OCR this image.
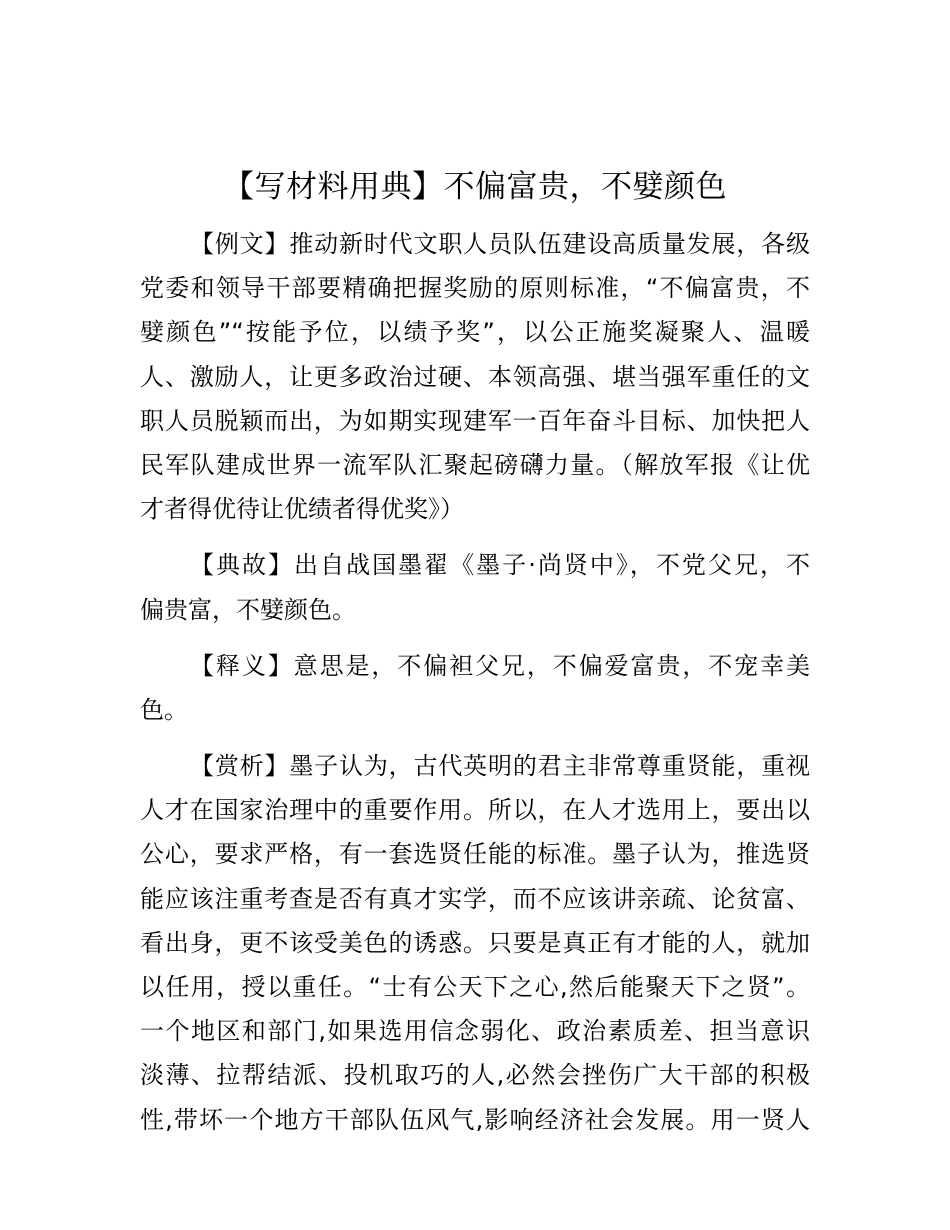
【写材料用典】不偏富贵，不嬖颜色
【例文】推动新时代文职人员队伍建设高质量发展，各级
党委和领导干部要精确把握奖励的原则标准，“不偏富贵，不
嬖颜色”“按能予位，以绩予奖”，以公正施奖凝聚人、温暖
人、激励人，让更多政治过硬、本领高强、堪当强军重任的文
职人员脱颖而出，为如期实现建军一百年奋斗目标、加快把人
民军队建成世界一流军队汇聚起磅礴力量。（解放军报《让优
才者得优待让优绩者得优奖》）
【典故】出自战国墨翟《墨子·尚贤中》，不党父兄，不
偏贵富，不嬖颜色。
【释义】意思是，不偏袒父兄，不偏爱富贵，不宠幸美
色。
【赏析】墨子认为，古代英明的君主非常尊重贤能，重视
人才在国家治理中的重要作用。所以，在人才选用上，要出以
公心，要求严格，有一套选贤任能的标准。墨子认为，推选贤
能应该注重考查是否有真才实学，而不应该讲亲疏、论贫富、
看出身，更不该受美色的诱惑。只要是真正有才能的人，就加
以任用，授以重任。“士有公天下之心,然后能聚天下之贤”。
一个地区和部门,如果选用信念弱化、政治素质差、担当意识
淡薄、拉帮结派、投机取巧的人,必然会挫伤广大干部的积极
性,带坏一个地方干部队伍风气,影响经济社会发展。用一贤人
